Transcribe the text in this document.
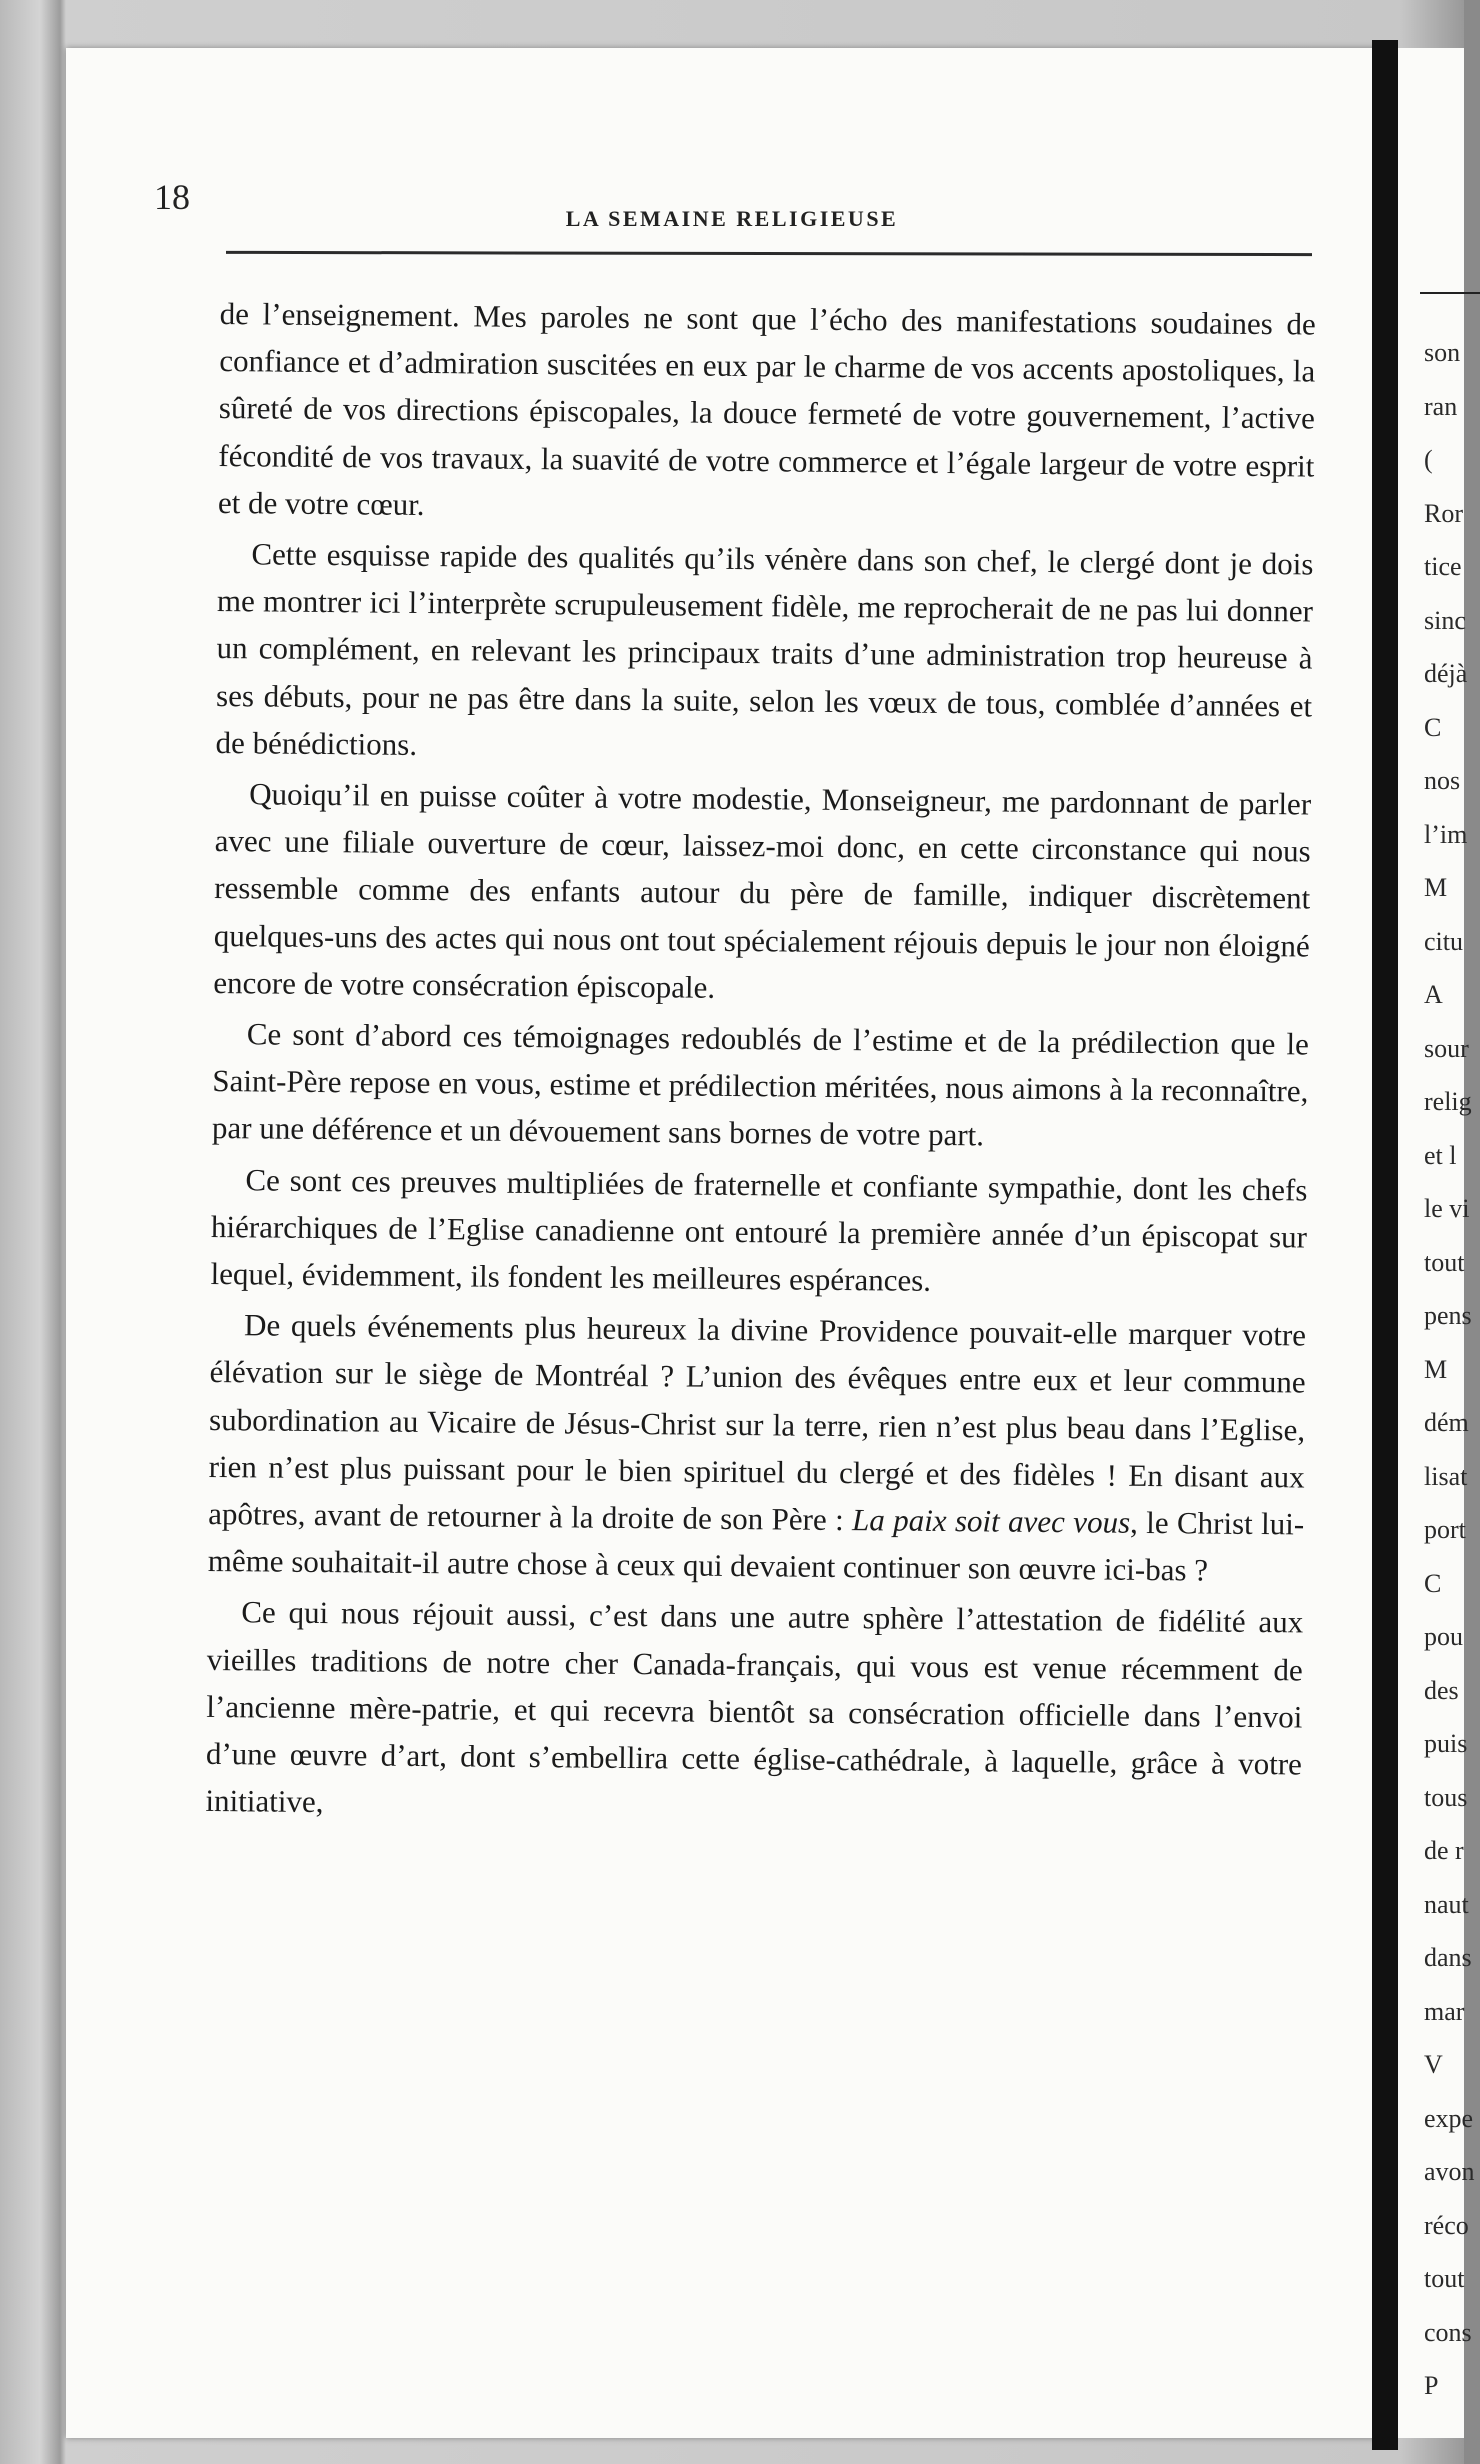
son
ran
(
Ror
tice
sinc
déjà
C
nos
l’im
M
citu
A
sour
relig
et l
le vi
tout
pens
M
dém
lisat
port
C
pou
des
puis
tous
de r
naut
dans
mar
V
expe
avon
réco
tout
cons
P
18
LA SEMAINE RELIGIEUSE

de l’enseignement. Mes paroles ne sont que l’écho des manifestations soudaines de confiance et d’admiration suscitées en eux par le charme de vos accents apostoliques, la sûreté de vos directions épiscopales, la douce fermeté de votre gouvernement, l’active fécondité de vos travaux, la suavité de votre commerce et l’égale largeur de votre esprit et de votre cœur.

Cette esquisse rapide des qualités qu’ils vénère dans son chef, le clergé dont je dois me montrer ici l’interprète scrupuleusement fidèle, me reprocherait de ne pas lui donner un complément, en relevant les principaux traits d’une administration trop heureuse à ses débuts, pour ne pas être dans la suite, selon les vœux de tous, comblée d’années et de bénédictions.

Quoiqu’il en puisse coûter à votre modestie, Monseigneur, me pardonnant de parler avec une filiale ouverture de cœur, laissez-moi donc, en cette circonstance qui nous ressemble comme des enfants autour du père de famille, indiquer discrètement quelques-uns des actes qui nous ont tout spécialement réjouis depuis le jour non éloigné encore de votre consécration épiscopale.

Ce sont d’abord ces témoignages redoublés de l’estime et de la prédilection que le Saint-Père repose en vous, estime et prédilection méritées, nous aimons à la reconnaître, par une déférence et un dévouement sans bornes de votre part.

Ce sont ces preuves multipliées de fraternelle et confiante sympathie, dont les chefs hiérarchiques de l’Eglise canadienne ont entouré la première année d’un épiscopat sur lequel, évidemment, ils fondent les meilleures espérances.

De quels événements plus heureux la divine Providence pouvait-elle marquer votre élévation sur le siège de Montréal ? L’union des évêques entre eux et leur commune subordination au Vicaire de Jésus-Christ sur la terre, rien n’est plus beau dans l’Eglise, rien n’est plus puissant pour le bien spirituel du clergé et des fidèles ! En disant aux apôtres, avant de retourner à la droite de son Père : La paix soit avec vous, le Christ lui-même souhaitait-il autre chose à ceux qui devaient continuer son œuvre ici-bas ?

Ce qui nous réjouit aussi, c’est dans une autre sphère l’attestation de fidélité aux vieilles traditions de notre cher Canada-français, qui vous est venue récemment de l’ancienne mère-patrie, et qui recevra bientôt sa consécration officielle dans l’envoi d’une œuvre d’art, dont s’embellira cette église-cathédrale, à laquelle, grâce à votre initiative,
